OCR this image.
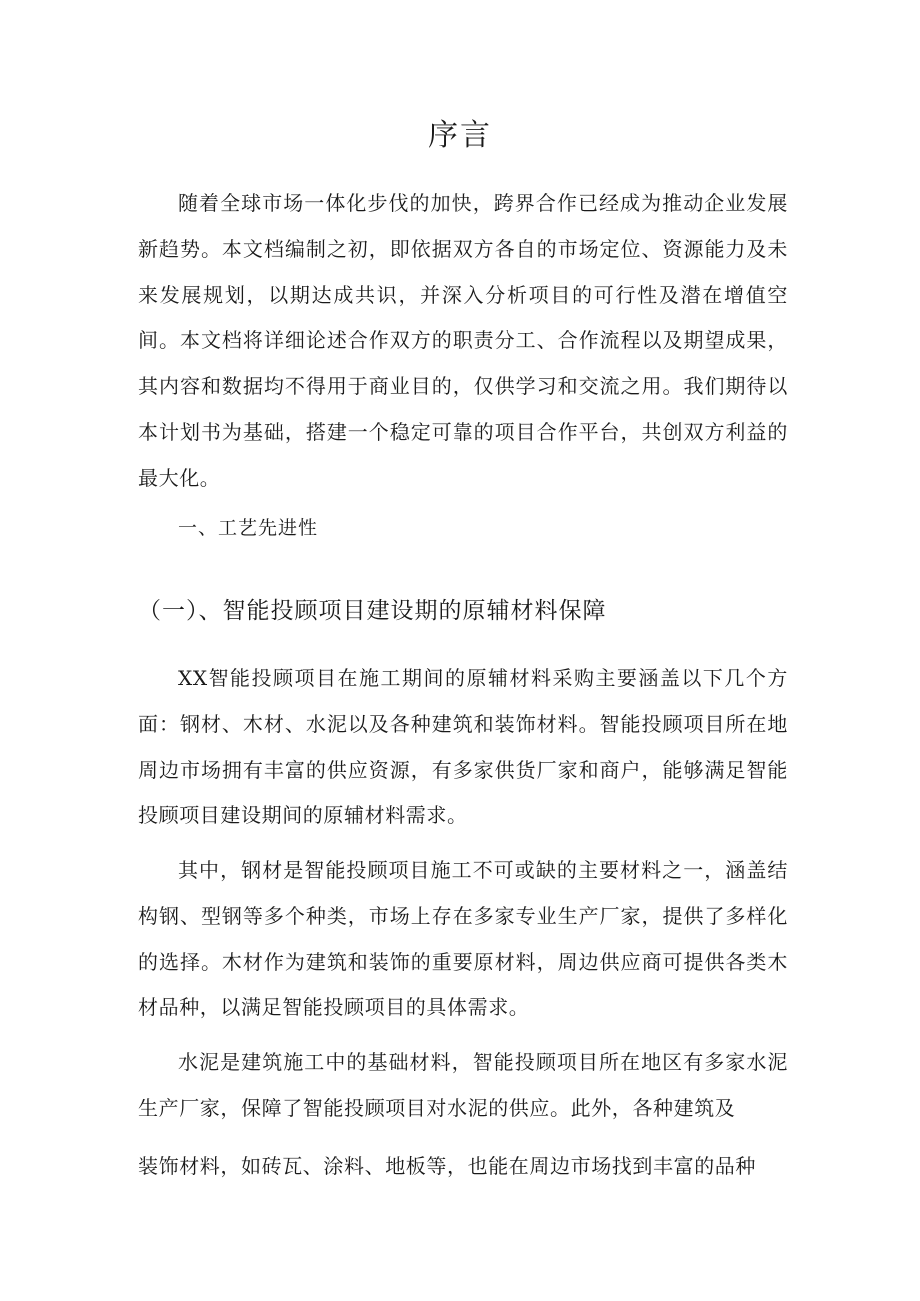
序言

随着全球市场一体化步伐的加快，跨界合作已经成为推动企业发展新趋势。本文档编制之初，即依据双方各自的市场定位、资源能力及未来发展规划，以期达成共识，并深入分析项目的可行性及潜在增值空间。本文档将详细论述合作双方的职责分工、合作流程以及期望成果，其内容和数据均不得用于商业目的，仅供学习和交流之用。我们期待以本计划书为基础，搭建一个稳定可靠的项目合作平台，共创双方利益的最大化。

一、工艺先进性
（一）、智能投顾项目建设期的原辅材料保障

XX智能投顾项目在施工期间的原辅材料采购主要涵盖以下几个方面：钢材、木材、水泥以及各种建筑和装饰材料。智能投顾项目所在地周边市场拥有丰富的供应资源，有多家供货厂家和商户，能够满足智能投顾项目建设期间的原辅材料需求。

其中，钢材是智能投顾项目施工不可或缺的主要材料之一，涵盖结构钢、型钢等多个种类，市场上存在多家专业生产厂家，提供了多样化的选择。木材作为建筑和装饰的重要原材料，周边供应商可提供各类木材品种，以满足智能投顾项目的具体需求。

水泥是建筑施工中的基础材料，智能投顾项目所在地区有多家水泥生产厂家，保障了智能投顾项目对水泥的供应。此外，各种建筑及

装饰材料，如砖瓦、涂料、地板等，也能在周边市场找到丰富的品种
